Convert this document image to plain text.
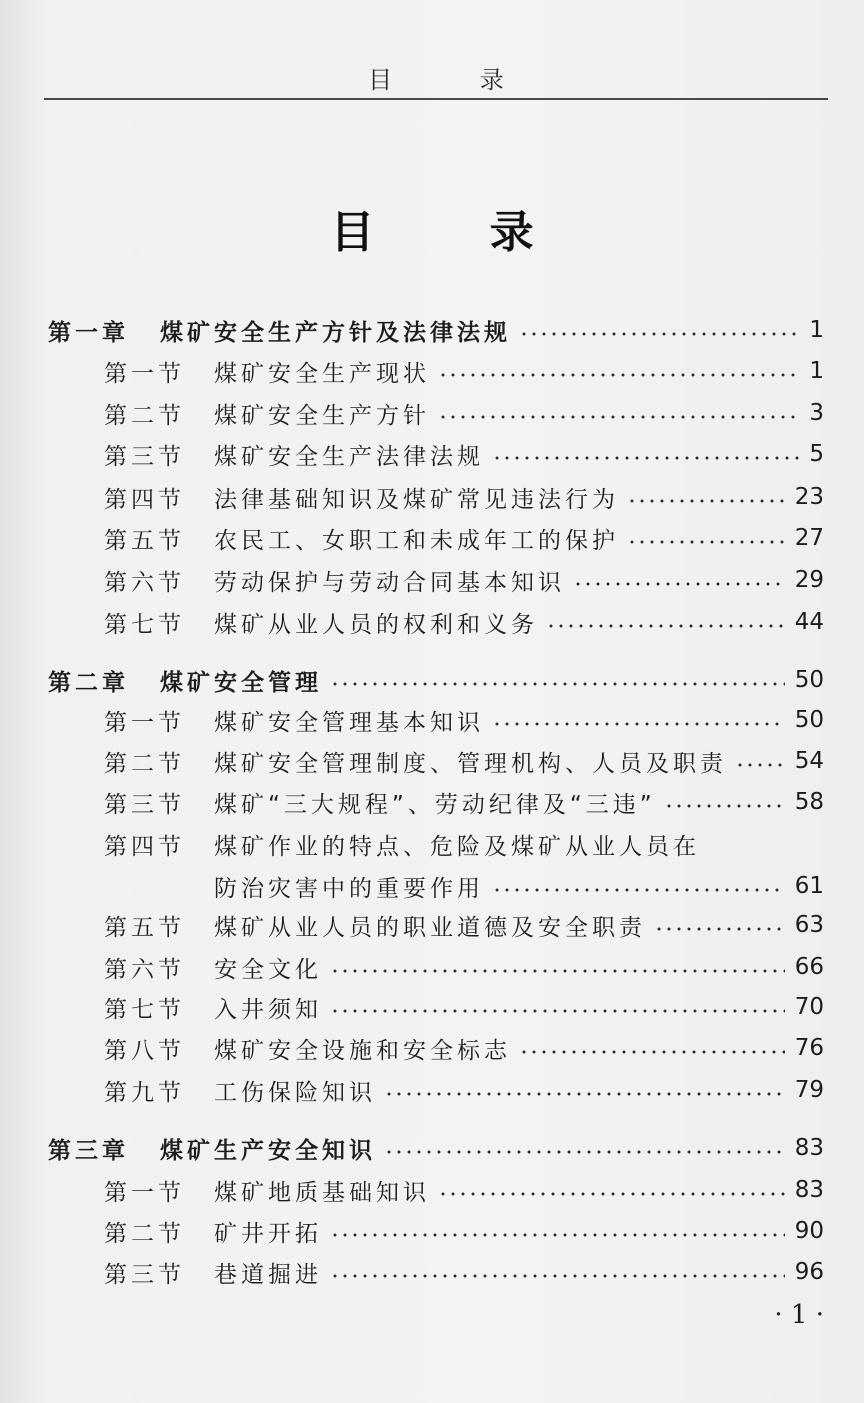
目 录
目 录
第一章 煤矿安全生产方针及法律法规	1
第一节 煤矿安全生产现状	1
第二节 煤矿安全生产方针	3
第三节 煤矿安全生产法律法规	5
第四节 法律基础知识及煤矿常见违法行为	23
第五节 农民工、女职工和未成年工的保护	27
第六节 劳动保护与劳动合同基本知识	29
第七节 煤矿从业人员的权利和义务	44
第二章 煤矿安全管理	50
第一节 煤矿安全管理基本知识	50
第二节 煤矿安全管理制度、管理机构、人员及职责	54
第三节 煤矿“三大规程”、劳动纪律及“三违”	58
第四节 煤矿作业的特点、危险及煤矿从业人员在
防治灾害中的重要作用	61
第五节 煤矿从业人员的职业道德及安全职责	63
第六节 安全文化	66
第七节 入井须知	70
第八节 煤矿安全设施和安全标志	76
第九节 工伤保险知识	79
第三章 煤矿生产安全知识	83
第一节 煤矿地质基础知识	83
第二节 矿井开拓	90
第三节 巷道掘进	96
· 1 ·
